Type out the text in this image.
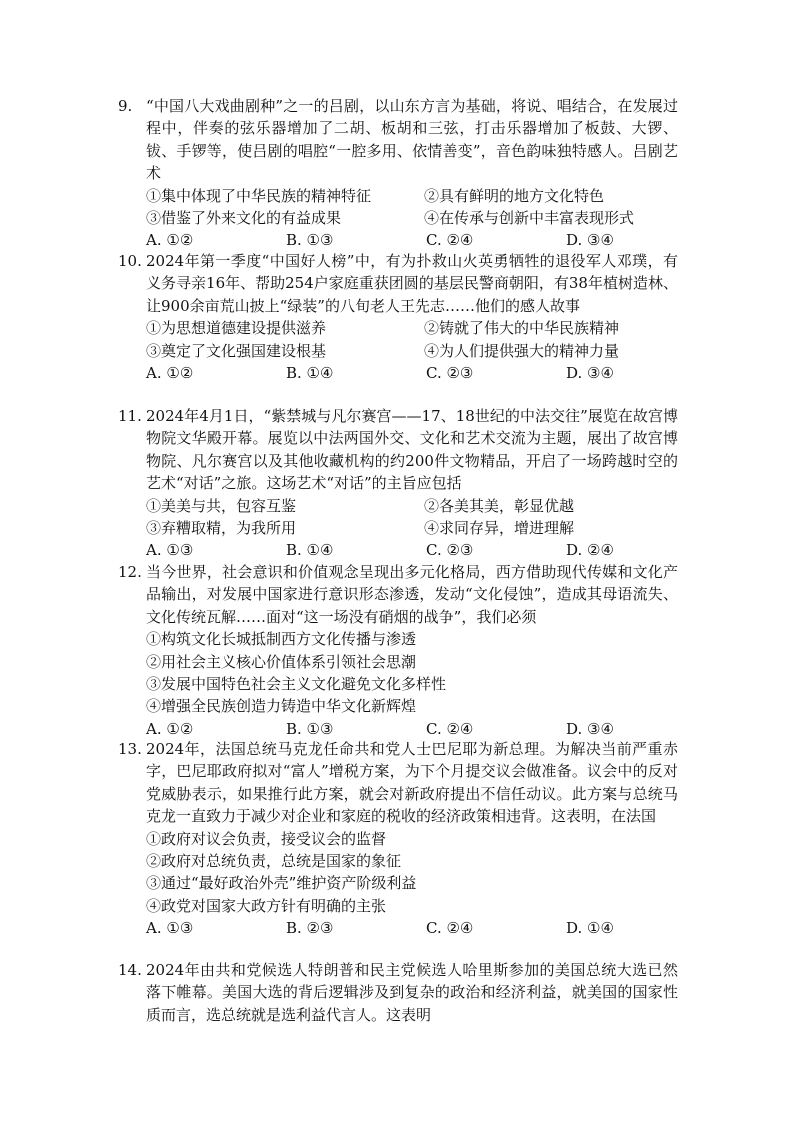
9. “中国八大戏曲剧种”之一的吕剧，以山东方言为基础，将说、唱结合，在发展过程中，伴奏的弦乐器增加了二胡、板胡和三弦，打击乐器增加了板鼓、大锣、钹、手锣等，使吕剧的唱腔“一腔多用、依情善变”，音色韵味独特感人。吕剧艺术
①集中体现了中华民族的精神特征	②具有鲜明的地方文化特色
③借鉴了外来文化的有益成果	④在传承与创新中丰富表现形式
A. ①②	B. ①③	C. ②④	D. ③④
10. 2024年第一季度“中国好人榜”中，有为扑救山火英勇牺牲的退役军人邓璞，有义务寻亲16年、帮助254户家庭重获团圆的基层民警商朝阳，有38年植树造林、让900余亩荒山披上“绿装”的八旬老人王先志……他们的感人故事
①为思想道德建设提供滋养	②铸就了伟大的中华民族精神
③奠定了文化强国建设根基	④为人们提供强大的精神力量
A. ①②	B. ①④	C. ②③	D. ③④
11. 2024年4月1日，“紫禁城与凡尔赛宫——17、18世纪的中法交往”展览在故宫博物院文华殿开幕。展览以中法两国外交、文化和艺术交流为主题，展出了故宫博物院、凡尔赛宫以及其他收藏机构的约200件文物精品，开启了一场跨越时空的艺术“对话”之旅。这场艺术“对话”的主旨应包括
①美美与共，包容互鉴	②各美其美，彰显优越
③弃糟取精，为我所用	④求同存异，增进理解
A. ①③	B. ①④	C. ②③	D. ②④
12. 当今世界，社会意识和价值观念呈现出多元化格局，西方借助现代传媒和文化产品输出，对发展中国家进行意识形态渗透，发动“文化侵蚀”，造成其母语流失、文化传统瓦解……面对“这一场没有硝烟的战争”，我们必须
①构筑文化长城抵制西方文化传播与渗透
②用社会主义核心价值体系引领社会思潮
③发展中国特色社会主义文化避免文化多样性
④增强全民族创造力铸造中华文化新辉煌
A. ①②	B. ①③	C. ②④	D. ③④
13. 2024年，法国总统马克龙任命共和党人士巴尼耶为新总理。为解决当前严重赤字，巴尼耶政府拟对“富人”增税方案，为下个月提交议会做准备。议会中的反对党威胁表示，如果推行此方案，就会对新政府提出不信任动议。此方案与总统马克龙一直致力于减少对企业和家庭的税收的经济政策相违背。这表明，在法国
①政府对议会负责，接受议会的监督
②政府对总统负责，总统是国家的象征
③通过“最好政治外壳”维护资产阶级利益
④政党对国家大政方针有明确的主张
A. ①③	B. ②③	C. ②④	D. ①④
14. 2024年由共和党候选人特朗普和民主党候选人哈里斯参加的美国总统大选已然落下帷幕。美国大选的背后逻辑涉及到复杂的政治和经济利益，就美国的国家性质而言，选总统就是选利益代言人。这表明
